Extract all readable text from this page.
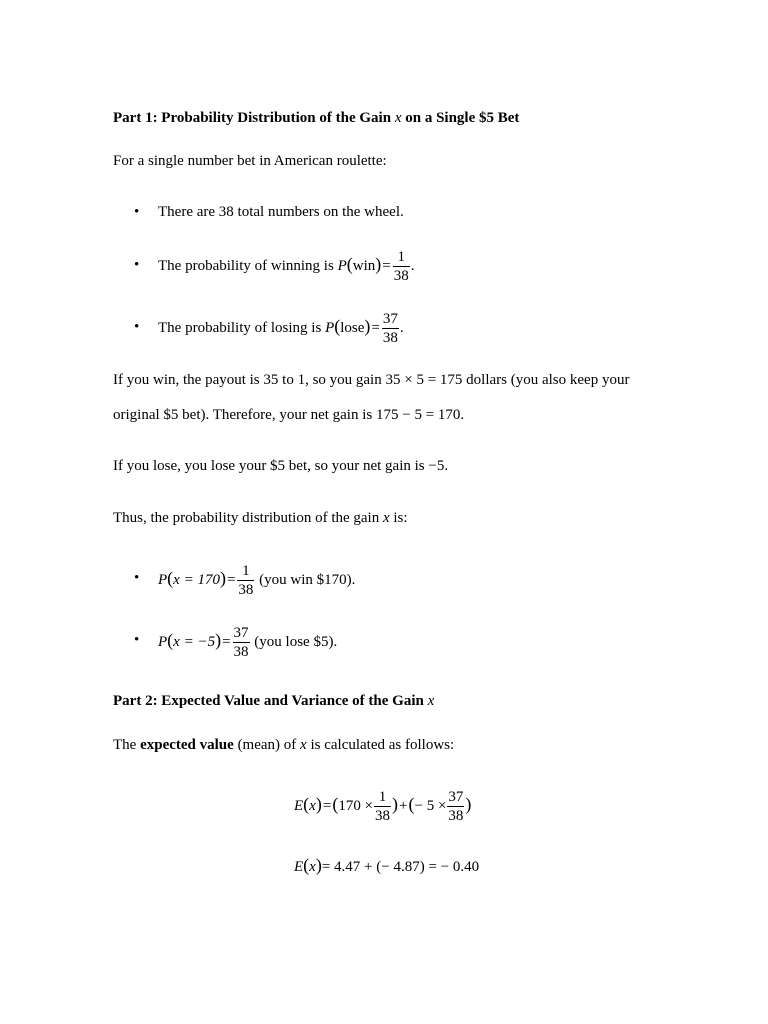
Part 1: Probability Distribution of the Gain x on a Single $5 Bet
For a single number bet in American roulette:
• There are 38 total numbers on the wheel.
• The probability of winning is $P(win)= \frac{1}{38}$ .
• The probability of losing is P(lose)= $\frac{37}{38}$ .
If you win, the payout is 35 to 1, so you gain 35 × 5 = 175 dollars (you also keep your
original $5 bet). Therefore, your net gain is 175 − 5 = 170.
If you lose, you lose your $5 bet, so your net gain is −5.
Thus, the probability distribution of the gain x is:
• $P(x = 170)= \frac{1}{38} (you$ win $170).
• $P(x = -5)= \frac{37}{38} (you$ lose $5).
Part 2: Expected Value and Variance of the Gain x
The expected value (mean) of x is calculated as follows:
$E(x)=(170 \times \frac{1}{38}$ )+(− $5 \times \frac{37}{38}$ )
E(x)= 4.47 + (− 4.87) = − 0.40
